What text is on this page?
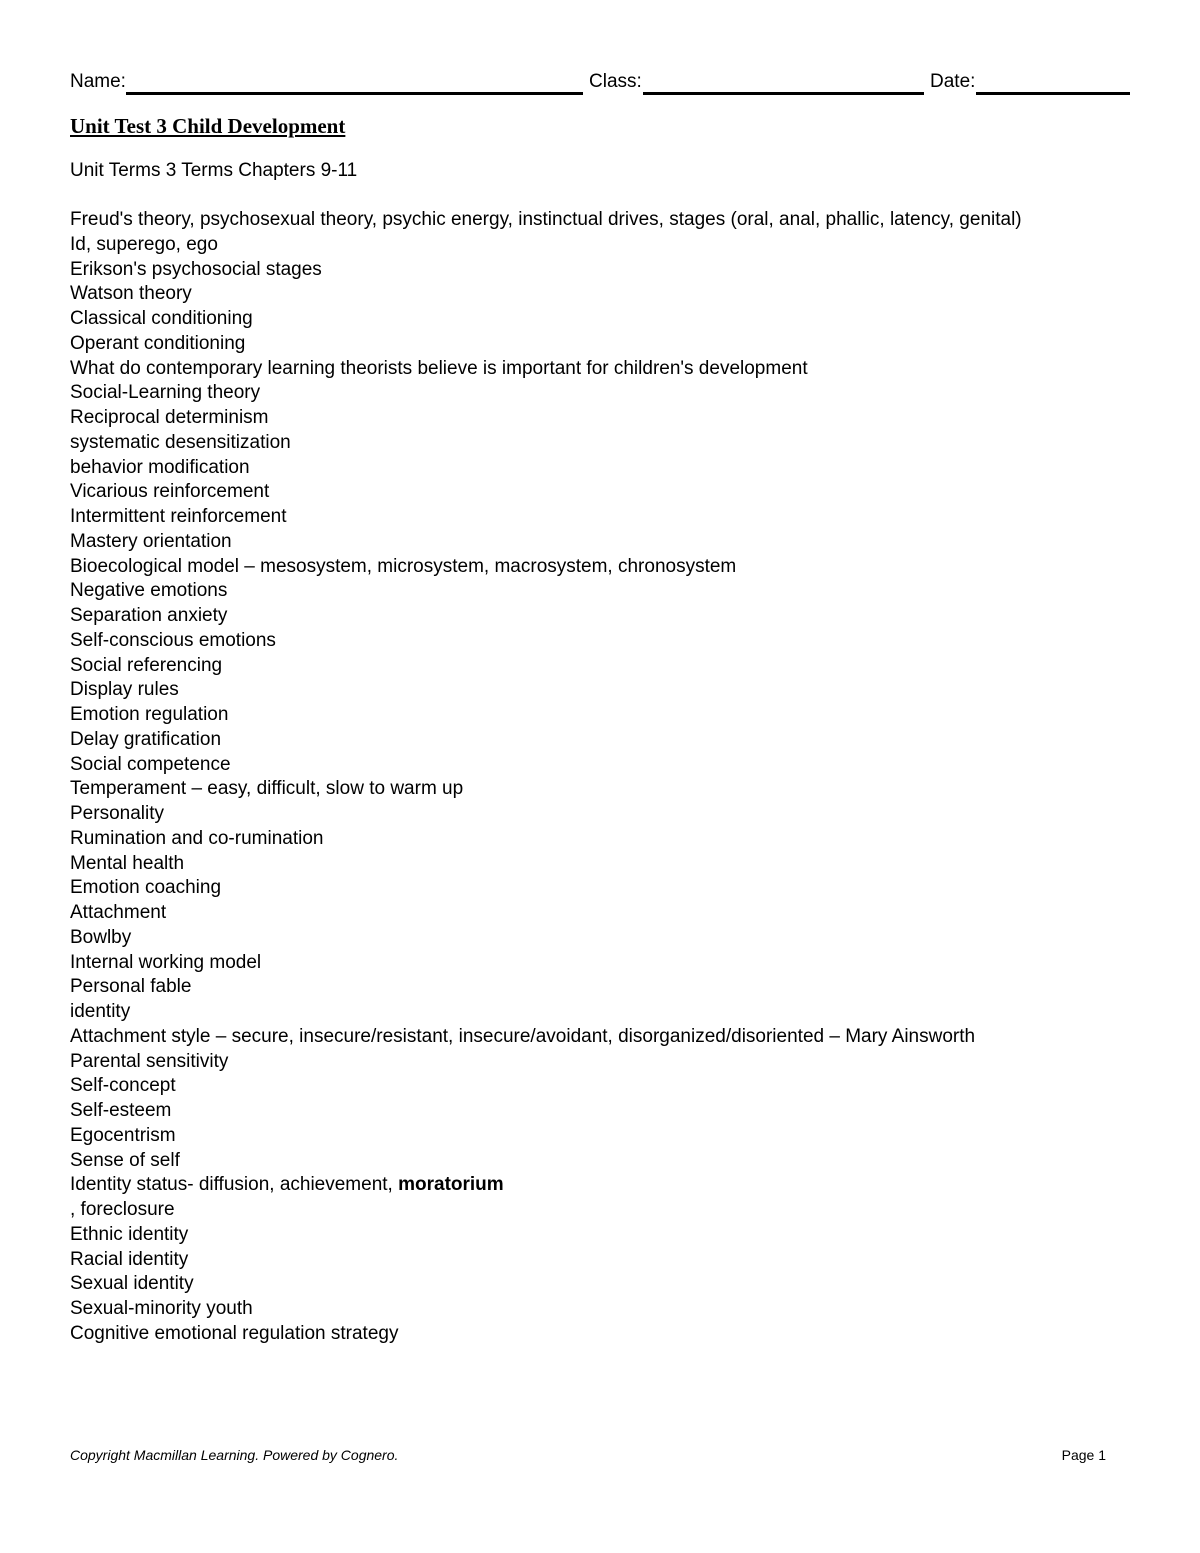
Name:	Class:	Date:
Unit Test 3 Child Development
Unit Terms 3 Terms Chapters 9-11
Freud's theory, psychosexual theory, psychic energy, instinctual drives, stages (oral, anal, phallic, latency, genital)
Id, superego, ego
Erikson's psychosocial stages
Watson theory
Classical conditioning
Operant conditioning
What do contemporary learning theorists believe is important for children's development
Social-Learning theory
Reciprocal determinism
systematic desensitization
behavior modification
Vicarious reinforcement
Intermittent reinforcement
Mastery orientation
Bioecological model – mesosystem, microsystem, macrosystem, chronosystem
Negative emotions
Separation anxiety
Self-conscious emotions
Social referencing
Display rules
Emotion regulation
Delay gratification
Social competence
Temperament – easy, difficult, slow to warm up
Personality
Rumination and co-rumination
Mental health
Emotion coaching
Attachment
Bowlby
Internal working model
Personal fable
identity
Attachment style – secure, insecure/resistant, insecure/avoidant, disorganized/disoriented – Mary Ainsworth
Parental sensitivity
Self-concept
Self-esteem
Egocentrism
Sense of self
Identity status- diffusion, achievement, moratorium
, foreclosure
Ethnic identity
Racial identity
Sexual identity
Sexual-minority youth
Cognitive emotional regulation strategy
Copyright Macmillan Learning. Powered by Cognero.	Page 1
